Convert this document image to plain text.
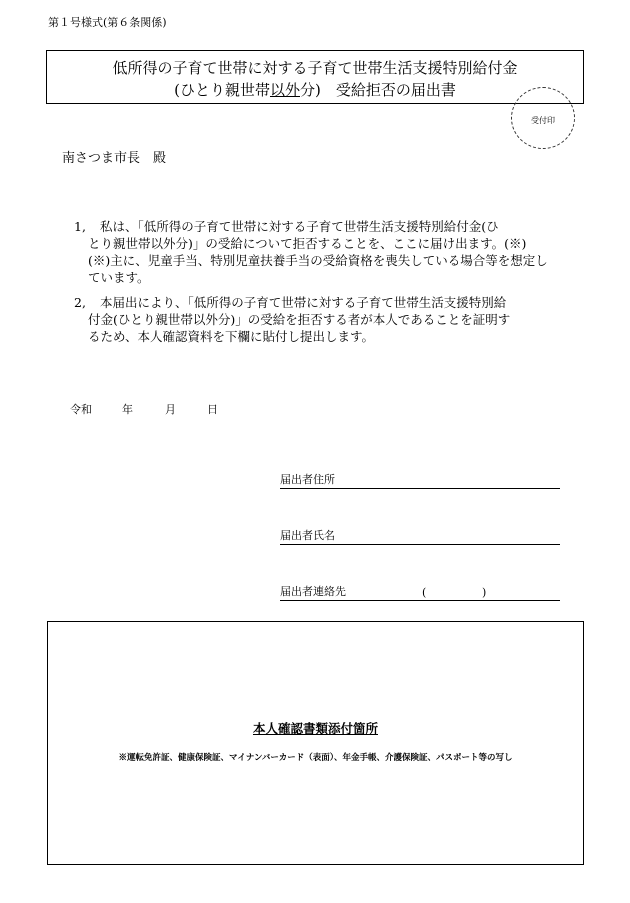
第１号様式(第６条関係)
低所得の子育て世帯に対する子育て世帯生活支援特別給付金
(ひとり親世帯以外分)　受給拒否の届出書
受付印
南さつま市長　殿
1, 私は、「低所得の子育て世帯に対する子育て世帯生活支援特別給付金(ひ
とり親世帯以外分)」の受給について拒否することを、ここに届け出ます。(※)
(※)主に、児童手当、特別児童扶養手当の受給資格を喪失している場合等を想定し
ています。
2, 本届出により、「低所得の子育て世帯に対する子育て世帯生活支援特別給
付金(ひとり親世帯以外分)」の受給を拒否する者が本人であることを証明す
るため、本人確認資料を下欄に貼付し提出します。
令和	年	月	日
届出者住所
届出者氏名
届出者連絡先	(	)
本人確認書類添付箇所
※運転免許証、健康保険証、マイナンバーカード（表面）、年金手帳、介護保険証、パスポート等の写し
